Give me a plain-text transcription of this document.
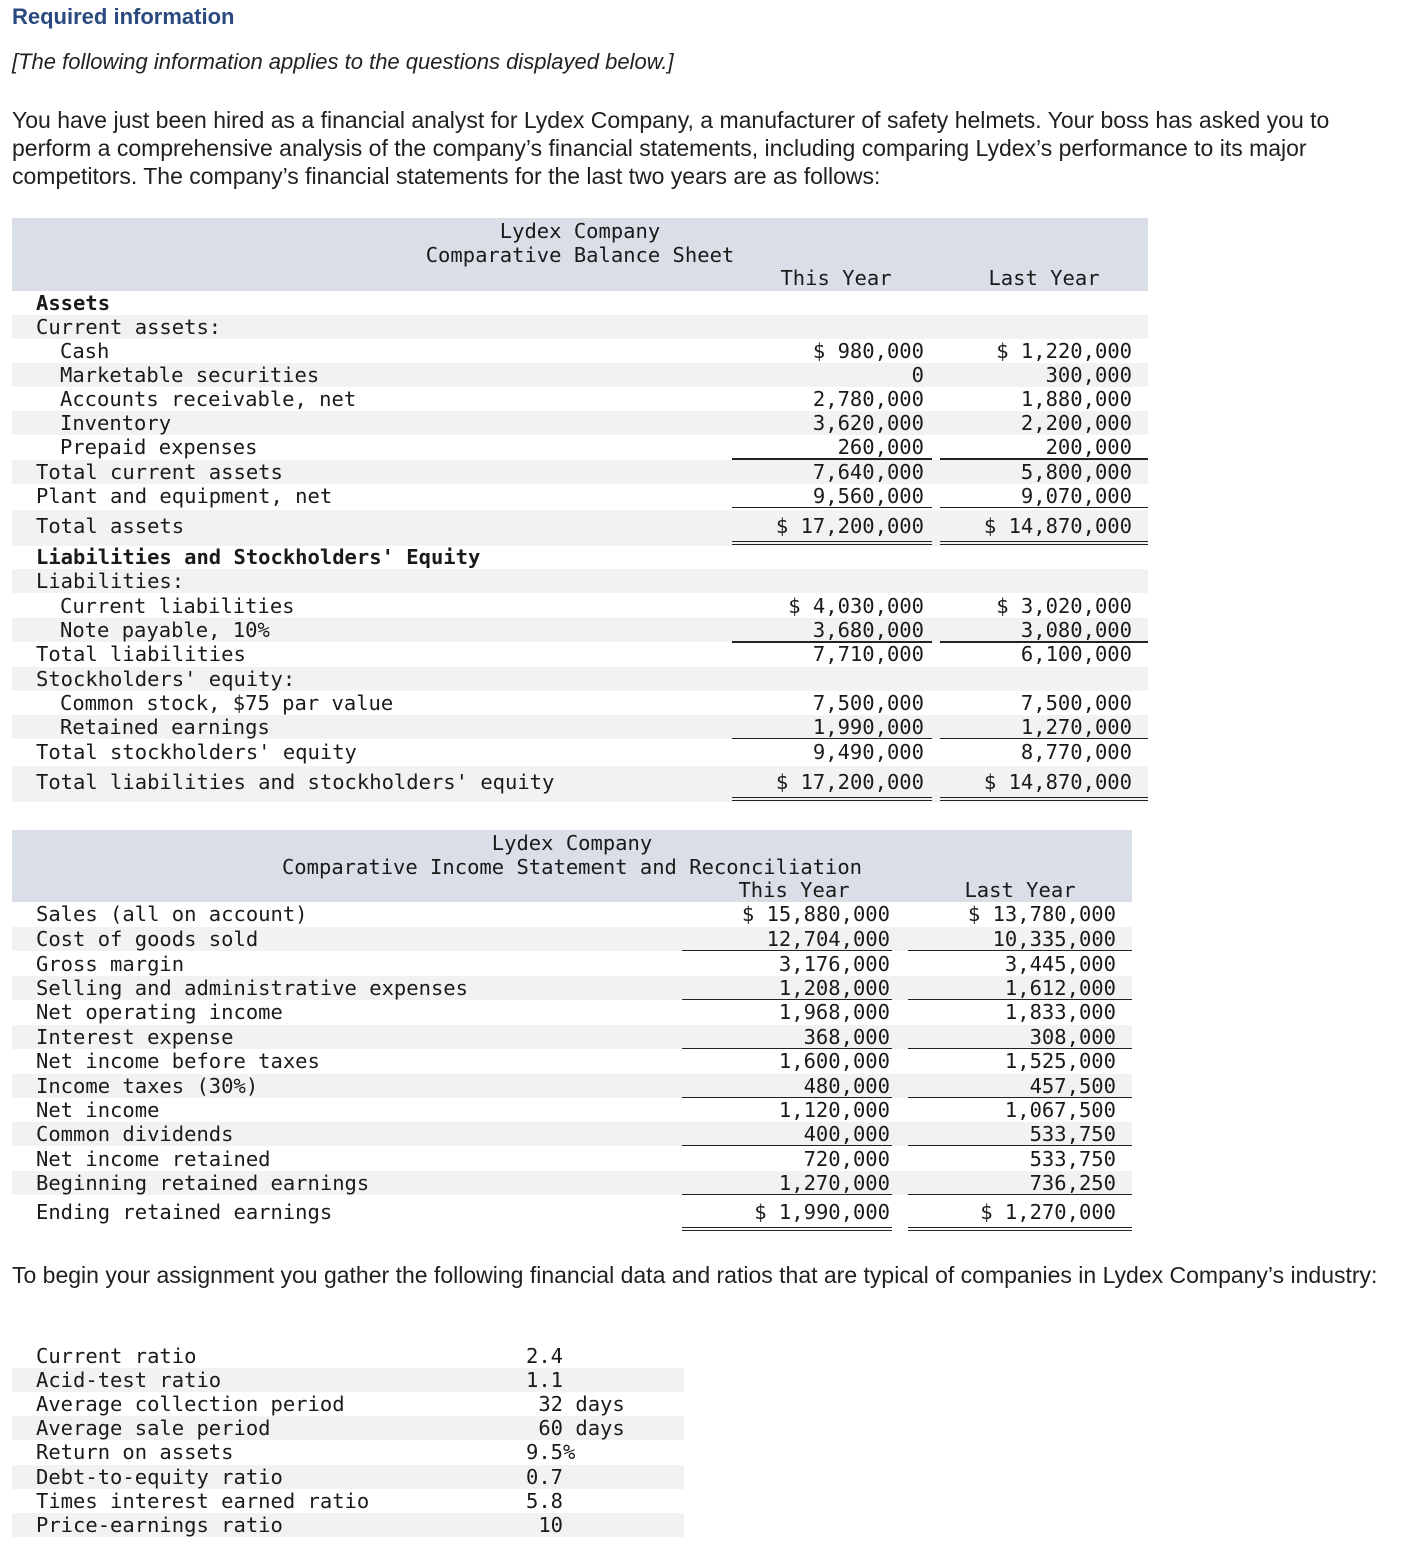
Required information
[The following information applies to the questions displayed below.]
You have just been hired as a financial analyst for Lydex Company, a manufacturer of safety helmets. Your boss has asked you to perform a comprehensive analysis of the company’s financial statements, including comparing Lydex’s performance to its major competitors. The company’s financial statements for the last two years are as follows:
Lydex Company
Comparative Balance Sheet
This Year	Last Year
Assets
Current assets:
Cash	$ 980,000	$ 1,220,000
Marketable securities	0	300,000
Accounts receivable, net	2,780,000	1,880,000
Inventory	3,620,000	2,200,000
Prepaid expenses	260,000	200,000
Total current assets	7,640,000	5,800,000
Plant and equipment, net	9,560,000	9,070,000
Total assets	$ 17,200,000	$ 14,870,000
Liabilities and Stockholders' Equity
Liabilities:
Current liabilities	$ 4,030,000	$ 3,020,000
Note payable, 10%	3,680,000	3,080,000
Total liabilities	7,710,000	6,100,000
Stockholders' equity:
Common stock, $75 par value	7,500,000	7,500,000
Retained earnings	1,990,000	1,270,000
Total stockholders' equity	9,490,000	8,770,000
Total liabilities and stockholders' equity	$ 17,200,000	$ 14,870,000
Lydex Company
Comparative Income Statement and Reconciliation
This Year	Last Year
Sales (all on account)	$ 15,880,000	$ 13,780,000
Cost of goods sold	12,704,000	10,335,000
Gross margin	3,176,000	3,445,000
Selling and administrative expenses	1,208,000	1,612,000
Net operating income	1,968,000	1,833,000
Interest expense	368,000	308,000
Net income before taxes	1,600,000	1,525,000
Income taxes (30%)	480,000	457,500
Net income	1,120,000	1,067,500
Common dividends	400,000	533,750
Net income retained	720,000	533,750
Beginning retained earnings	1,270,000	736,250
Ending retained earnings	$ 1,990,000	$ 1,270,000
To begin your assignment you gather the following financial data and ratios that are typical of companies in Lydex Company’s industry:
Current ratio	2.4
Acid-test ratio	1.1
Average collection period	32 days
Average sale period	60 days
Return on assets	9.5%
Debt-to-equity ratio	0.7
Times interest earned ratio	5.8
Price-earnings ratio	10
